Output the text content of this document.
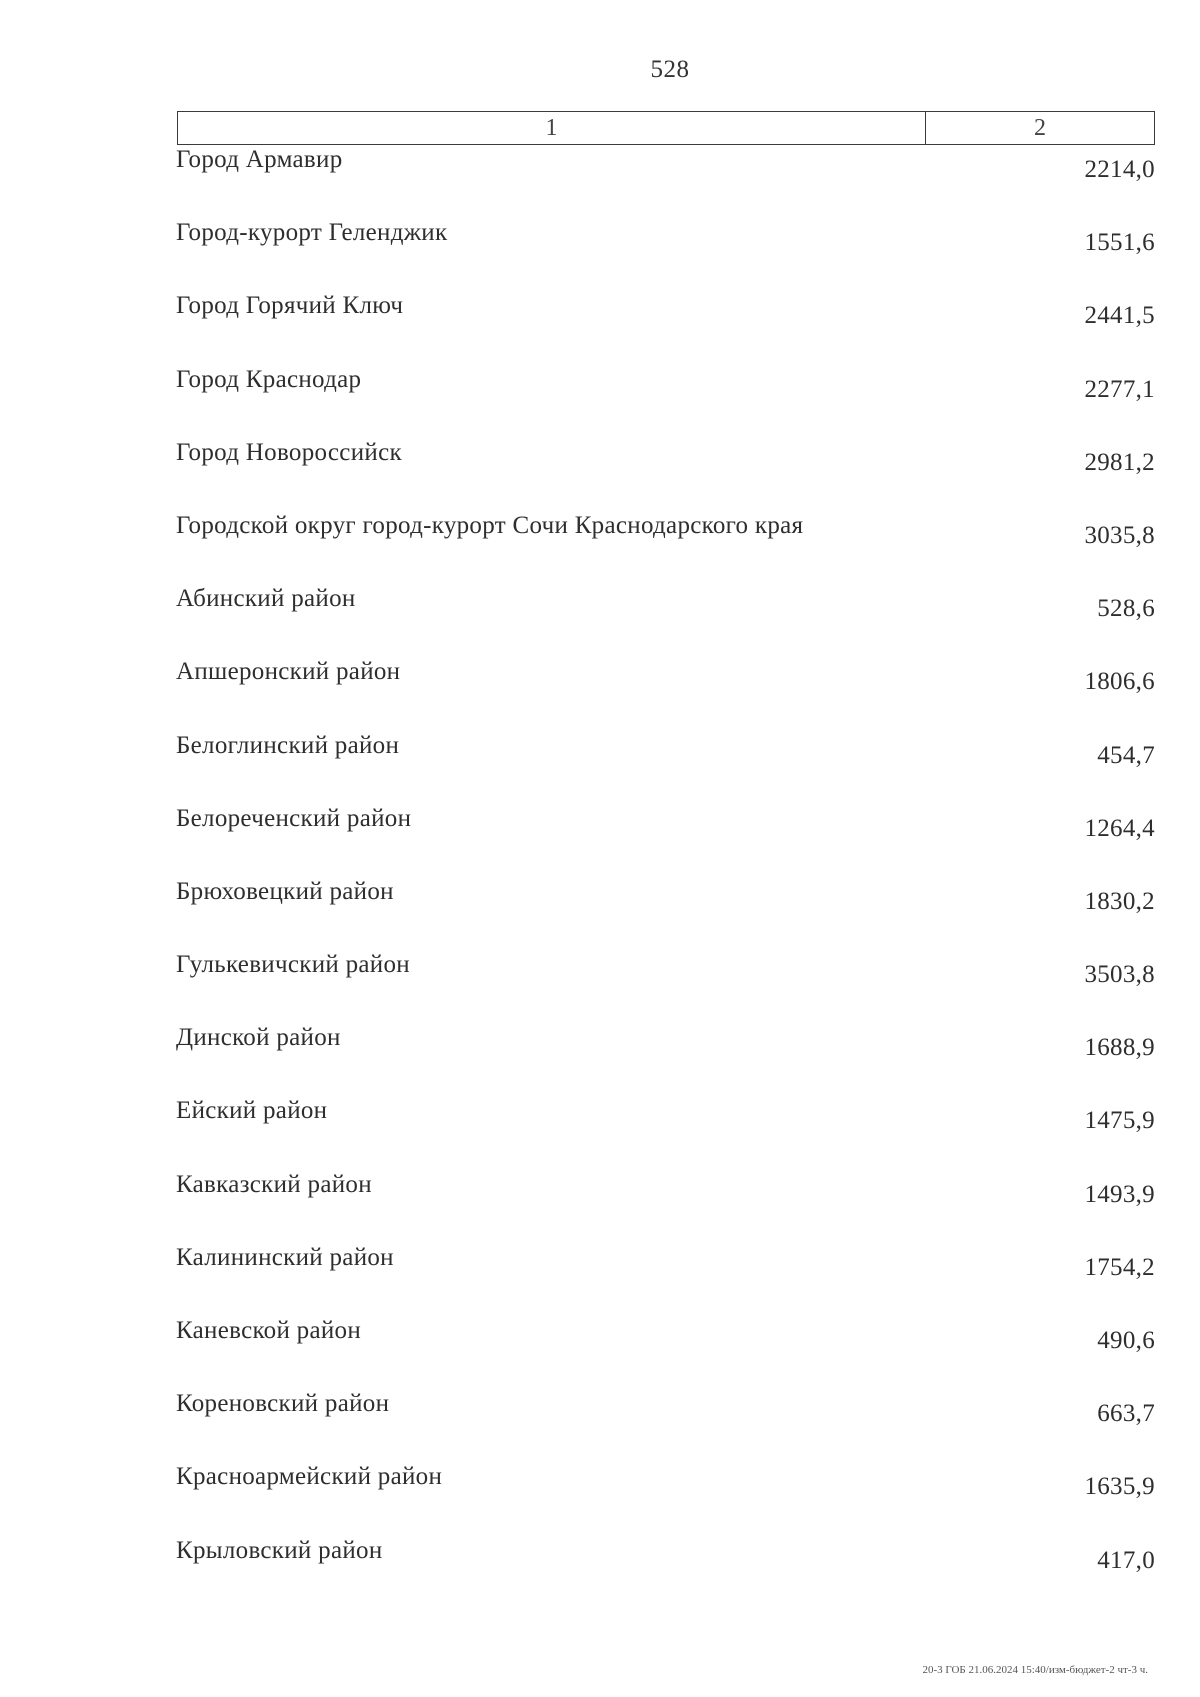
528
1	2
Город Армавир	2214,0
Город-курорт Геленджик	1551,6
Город Горячий Ключ	2441,5
Город Краснодар	2277,1
Город Новороссийск	2981,2
Городской округ город-курорт Сочи Краснодарского края	3035,8
Абинский район	528,6
Апшеронский район	1806,6
Белоглинский район	454,7
Белореченский район	1264,4
Брюховецкий район	1830,2
Гулькевичский район	3503,8
Динской район	1688,9
Ейский район	1475,9
Кавказский район	1493,9
Калининский район	1754,2
Каневской район	490,6
Кореновский район	663,7
Красноармейский район	1635,9
Крыловский район	417,0
20-3 ГОБ 21.06.2024 15:40/изм-бюджет-2 чт-3 ч.
